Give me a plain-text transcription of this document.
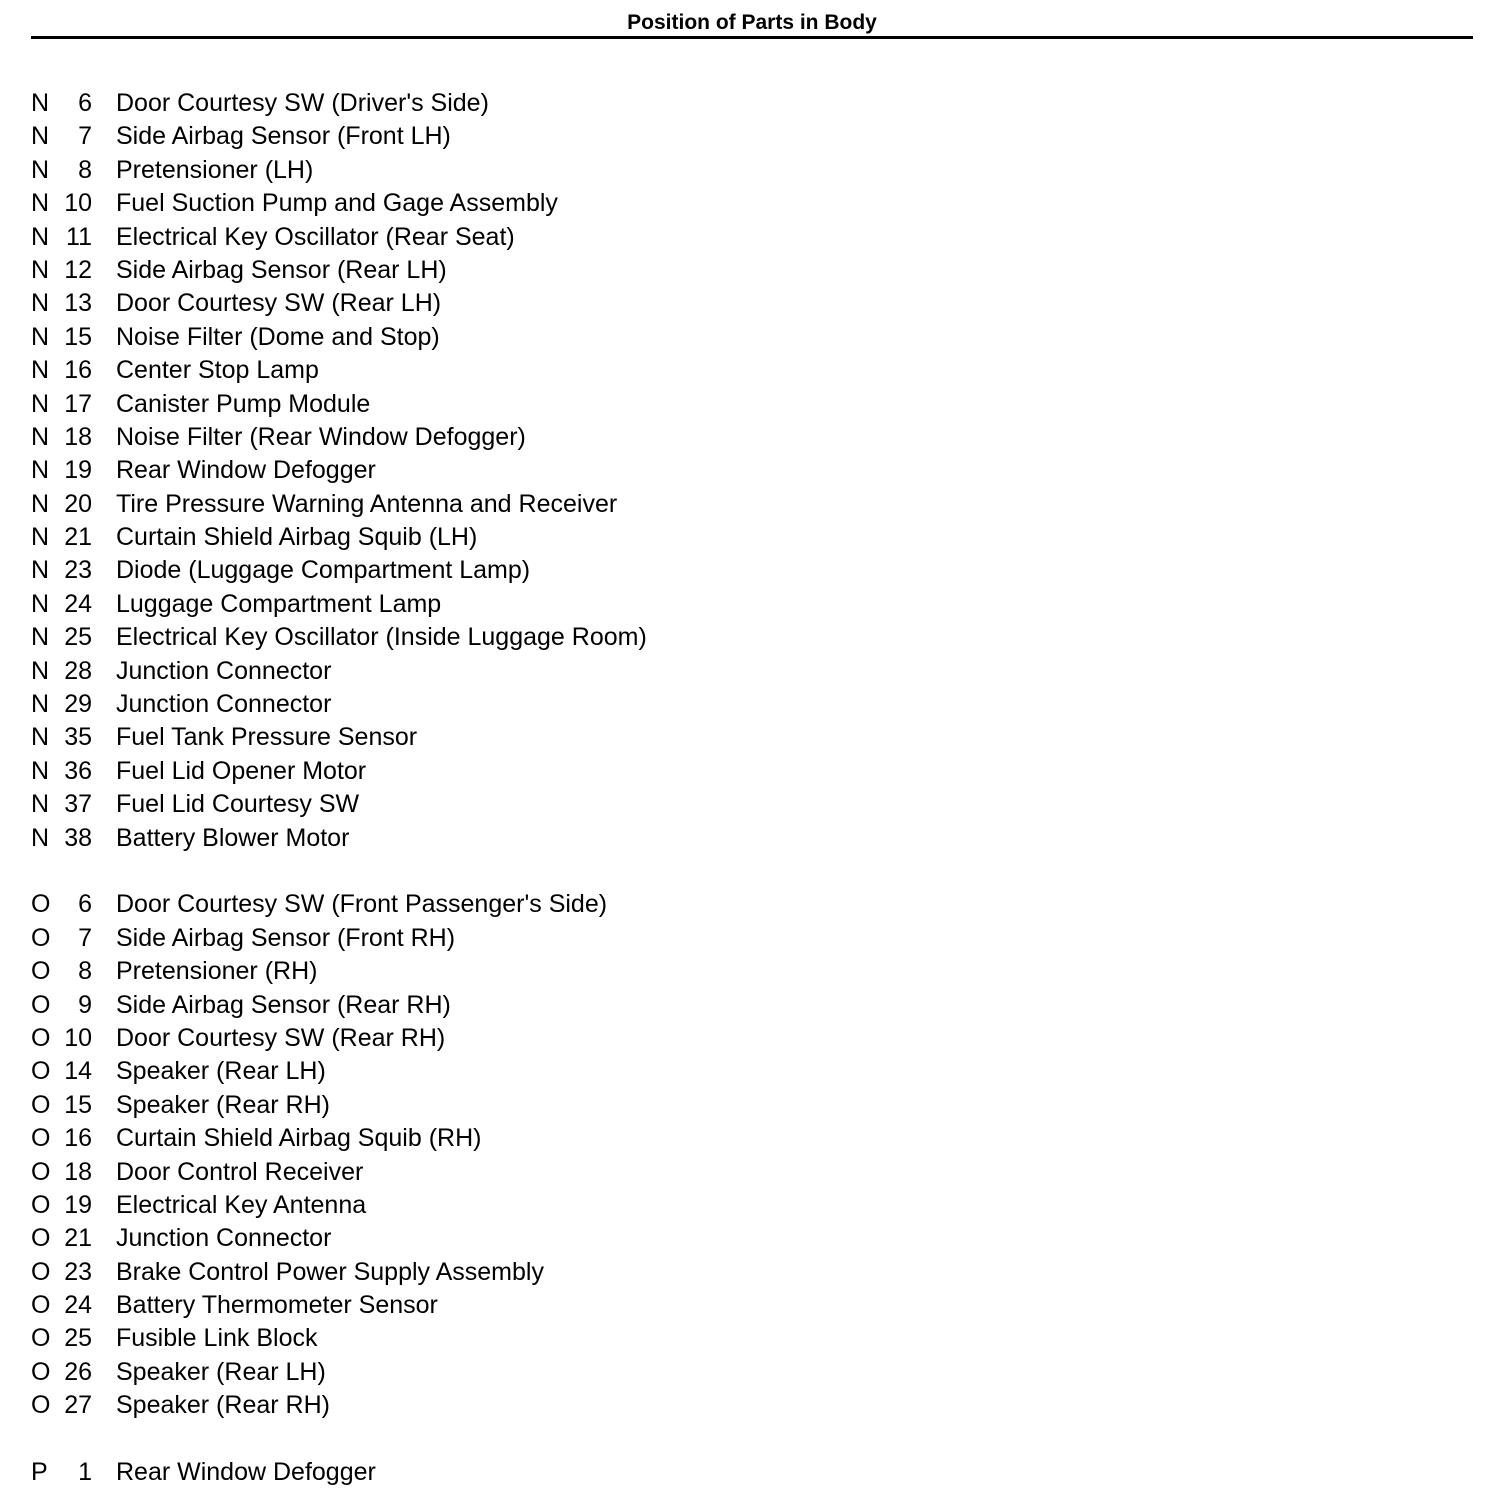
Position of Parts in Body
N	6 Door Courtesy SW (Driver's Side)
N	7 Side Airbag Sensor (Front LH)
N	8 Pretensioner (LH)
N 10 Fuel Suction Pump and Gage Assembly
N 11 Electrical Key Oscillator (Rear Seat)
N 12 Side Airbag Sensor (Rear LH)
N 13 Door Courtesy SW (Rear LH)
N 15 Noise Filter (Dome and Stop)
N 16 Center Stop Lamp
N 17 Canister Pump Module
N 18 Noise Filter (Rear Window Defogger)
N 19 Rear Window Defogger
N 20 Tire Pressure Warning Antenna and Receiver
N 21 Curtain Shield Airbag Squib (LH)
N 23 Diode (Luggage Compartment Lamp)
N 24 Luggage Compartment Lamp
N 25 Electrical Key Oscillator (Inside Luggage Room)
N 28 Junction Connector
N 29 Junction Connector
N 35 Fuel Tank Pressure Sensor
N 36 Fuel Lid Opener Motor
N 37 Fuel Lid Courtesy SW
N 38 Battery Blower Motor
O	6 Door Courtesy SW (Front Passenger's Side)
O	7 Side Airbag Sensor (Front RH)
O	8 Pretensioner (RH)
O	9 Side Airbag Sensor (Rear RH)
O 10 Door Courtesy SW (Rear RH)
O 14 Speaker (Rear LH)
O 15 Speaker (Rear RH)
O 16 Curtain Shield Airbag Squib (RH)
O 18 Door Control Receiver
O 19 Electrical Key Antenna
O 21 Junction Connector
O 23 Brake Control Power Supply Assembly
O 24 Battery Thermometer Sensor
O 25 Fusible Link Block
O 26 Speaker (Rear LH)
O 27 Speaker (Rear RH)
P	1 Rear Window Defogger
